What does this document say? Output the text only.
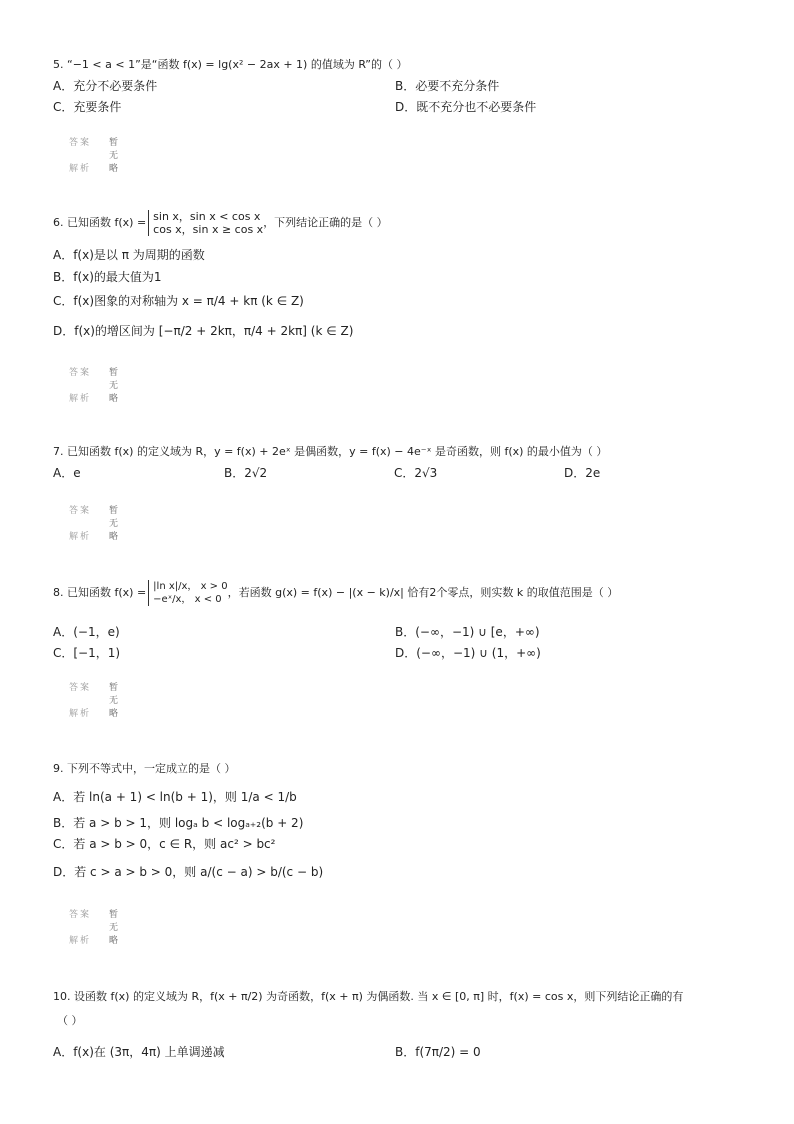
5. “−1 < a < 1”是“函数 f(x) = lg(x² − 2ax + 1) 的值域为 R”的（ ）
A．充分不必要条件	B．必要不充分条件
C．充要条件	D．既不充分也不必要条件
答案 暂无
解析 略
6. 已知函数 f(x) = sin x，sin x < cos x
cos x，sin x ≥ cos x
，下列结论正确的是（ ）
A．f(x)是以 π 为周期的函数
B．f(x)的最大值为1
C．f(x)图象的对称轴为 x = π/4 + kπ (k ∈ Z)
D．f(x)的增区间为 [−π/2 + 2kπ，π/4 + 2kπ] (k ∈ Z)
答案 暂无
解析 略
7. 已知函数 f(x) 的定义域为 R，y = f(x) + 2eˣ 是偶函数，y = f(x) − 4e⁻ˣ 是奇函数，则 f(x) 的最小值为（ ）
A．e	B．2√2	C．2√3	D．2e
答案 暂无
解析 略
8. 已知函数 f(x) = |ln x|/x， x > 0
−eˣ/x， x < 0
，若函数 g(x) = f(x) − |(x − k)/x| 恰有2个零点，则实数 k 的取值范围是（ ）
A．(−1，e)	B．(−∞，−1) ∪ [e，+∞)
C．[−1，1)	D．(−∞，−1) ∪ (1，+∞)
答案 暂无
解析 略
9. 下列不等式中，一定成立的是（ ）
A．若 ln(a + 1) < ln(b + 1)，则 1/a < 1/b
B．若 a > b > 1，则 logₐ b < logₐ₊₂(b + 2)
C．若 a > b > 0，c ∈ R，则 ac² > bc²
D．若 c > a > b > 0，则 a/(c − a) > b/(c − b)
答案 暂无
解析 略
10. 设函数 f(x) 的定义域为 R，f(x + π/2) 为奇函数，f(x + π) 为偶函数. 当 x ∈ [0, π] 时，f(x) = cos x，则下列结论正确的有
（ ）
A．f(x)在 (3π，4π) 上单调递减	B．f(7π/2) = 0
